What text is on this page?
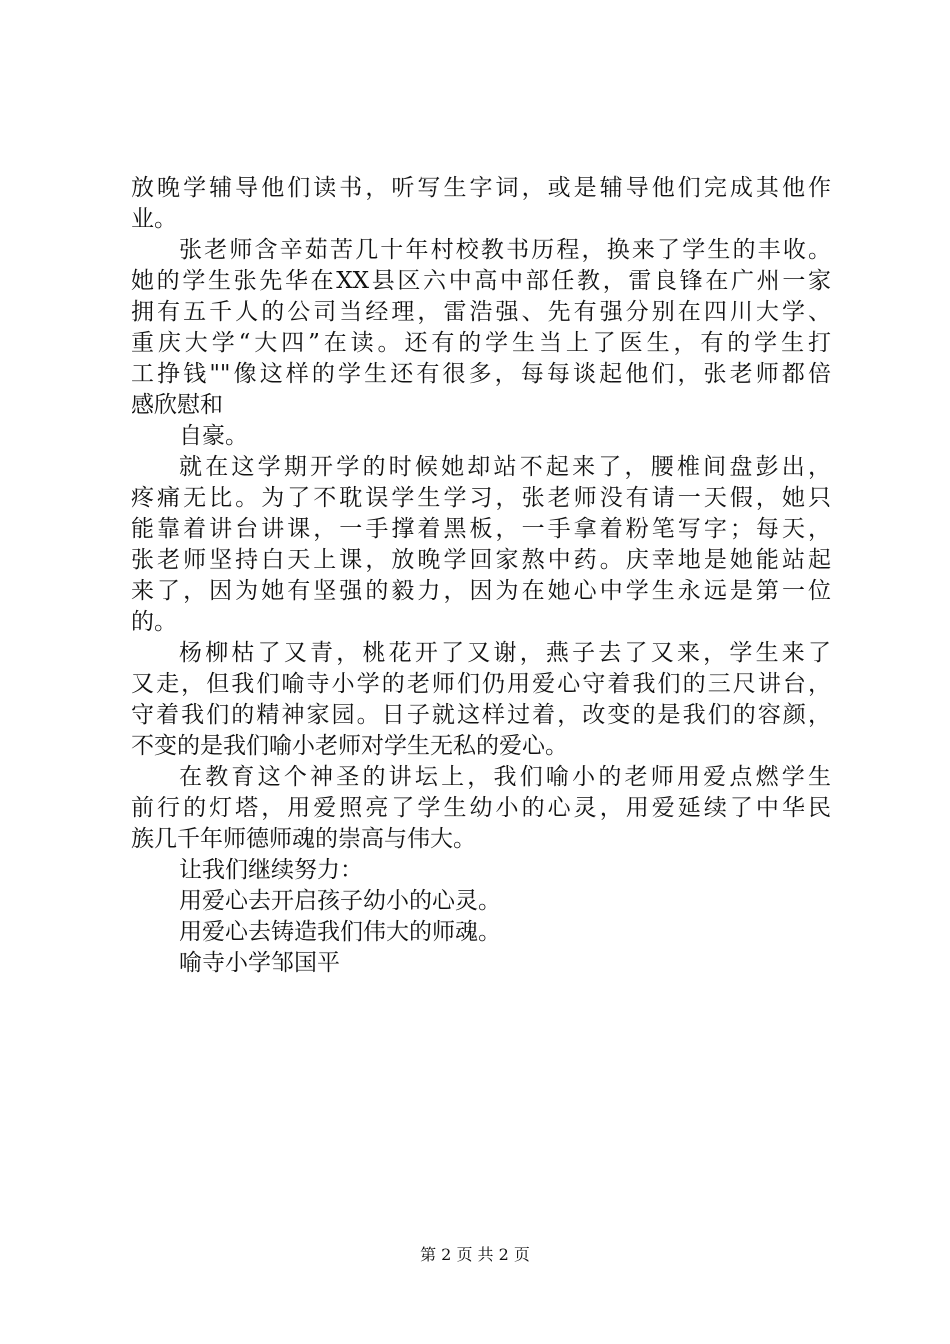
放晚学辅导他们读书，听写生字词，或是辅导他们完成其他作
业。
张老师含辛茹苦几十年村校教书历程，换来了学生的丰收。
她的学生张先华在XX县区六中高中部任教，雷良锋在广州一家
拥有五千人的公司当经理，雷浩强、先有强分别在四川大学、
重庆大学“大四”在读。还有的学生当上了医生，有的学生打
工挣钱""像这样的学生还有很多，每每谈起他们，张老师都倍
感欣慰和
自豪。
就在这学期开学的时候她却站不起来了，腰椎间盘彭出，
疼痛无比。为了不耽误学生学习，张老师没有请一天假，她只
能靠着讲台讲课，一手撑着黑板，一手拿着粉笔写字；每天，
张老师坚持白天上课，放晚学回家熬中药。庆幸地是她能站起
来了，因为她有坚强的毅力，因为在她心中学生永远是第一位
的。
杨柳枯了又青，桃花开了又谢，燕子去了又来，学生来了
又走，但我们喻寺小学的老师们仍用爱心守着我们的三尺讲台，
守着我们的精神家园。日子就这样过着，改变的是我们的容颜，
不变的是我们喻小老师对学生无私的爱心。
在教育这个神圣的讲坛上，我们喻小的老师用爱点燃学生
前行的灯塔，用爱照亮了学生幼小的心灵，用爱延续了中华民
族几千年师德师魂的崇高与伟大。
让我们继续努力：
用爱心去开启孩子幼小的心灵。
用爱心去铸造我们伟大的师魂。
喻寺小学邹国平
第 2 页 共 2 页
